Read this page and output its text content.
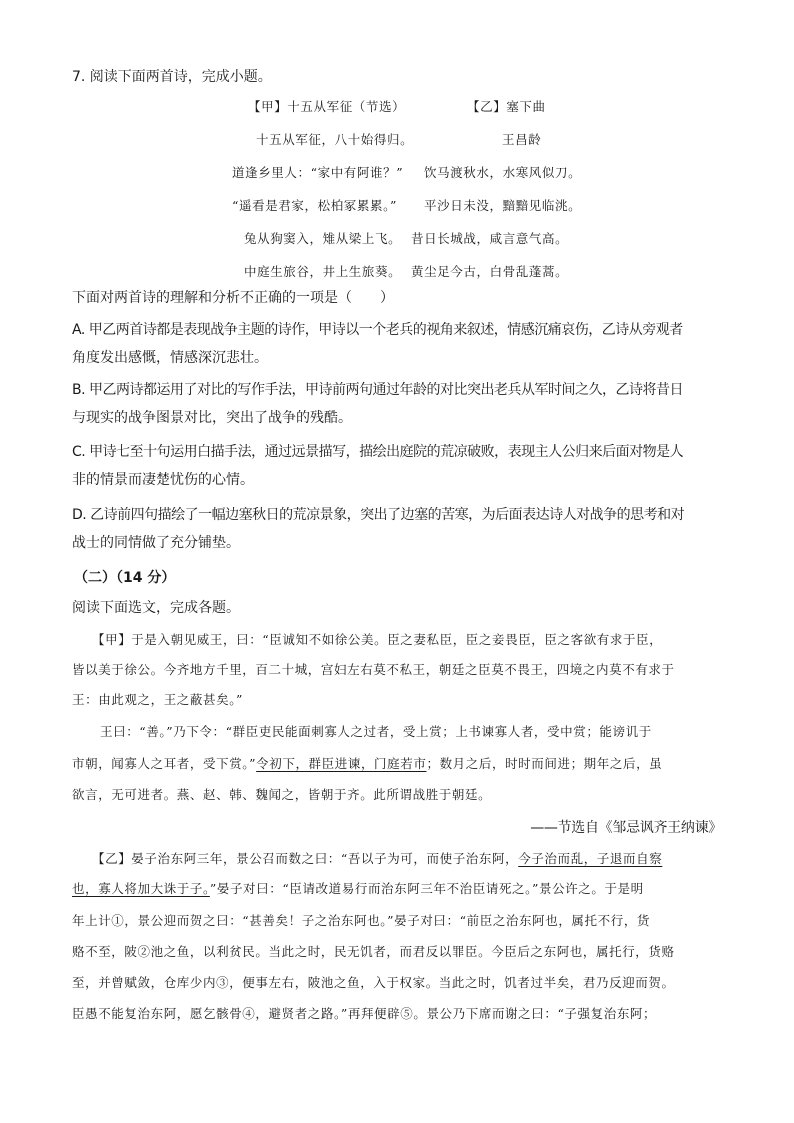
7. 阅读下面两首诗，完成小题。
【甲】十五从军征（节选）	【乙】塞下曲
十五从军征，八十始得归。	王昌龄
道逢乡里人：“家中有阿谁？” 饮马渡秋水，水寒风似刀。
“遥看是君家，松柏冢累累。” 平沙日未没，黯黯见临洮。
兔从狗窦入，雉从梁上飞。 昔日长城战，咸言意气高。
中庭生旅谷，井上生旅葵。 黄尘足今古，白骨乱蓬蒿。
下面对两首诗的理解和分析不正确的一项是（　　）
A. 甲乙两首诗都是表现战争主题的诗作，甲诗以一个老兵的视角来叙述，情感沉痛哀伤，乙诗从旁观者
角度发出感慨，情感深沉悲壮。
B. 甲乙两诗都运用了对比的写作手法，甲诗前两句通过年龄的对比突出老兵从军时间之久，乙诗将昔日
与现实的战争图景对比，突出了战争的残酷。
C. 甲诗七至十句运用白描手法，通过远景描写，描绘出庭院的荒凉破败，表现主人公归来后面对物是人
非的情景而凄楚忧伤的心情。
D. 乙诗前四句描绘了一幅边塞秋日的荒凉景象，突出了边塞的苦寒，为后面表达诗人对战争的思考和对
战士的同情做了充分铺垫。
（二）（14 分）
阅读下面选文，完成各题。
【甲】于是入朝见威王，曰：“臣诚知不如徐公美。臣之妻私臣，臣之妾畏臣，臣之客欲有求于臣，
皆以美于徐公。今齐地方千里，百二十城，宫妇左右莫不私王，朝廷之臣莫不畏王，四境之内莫不有求于
王：由此观之，王之蔽甚矣。”
王曰：“善。”乃下令：“群臣吏民能面刺寡人之过者，受上赏；上书谏寡人者，受中赏；能谤讥于
市朝，闻寡人之耳者，受下赏。”令初下，群臣进谏，门庭若市；数月之后，时时而间进；期年之后，虽
欲言，无可进者。燕、赵、韩、魏闻之，皆朝于齐。此所谓战胜于朝廷。
——节选自《邹忌讽齐王纳谏》
【乙】晏子治东阿三年，景公召而数之曰：“吾以子为可，而使子治东阿，今子治而乱，子退而自察
也，寡人将加大诛于子。”晏子对曰：“臣请改道易行而治东阿三年不治臣请死之。”景公许之。于是明
年上计①，景公迎而贺之曰：“甚善矣！子之治东阿也。”晏子对曰：“前臣之治东阿也，属托不行，货
赂不至，陂②池之鱼，以利贫民。当此之时，民无饥者，而君反以罪臣。今臣后之东阿也，属托行，货赂
至，并曾赋敛，仓库少内③，便事左右，陂池之鱼，入于权家。当此之时，饥者过半矣，君乃反迎而贺。
臣愚不能复治东阿，愿乞骸骨④，避贤者之路。”再拜便辟⑤。景公乃下席而谢之曰：“子强复治东阿；
